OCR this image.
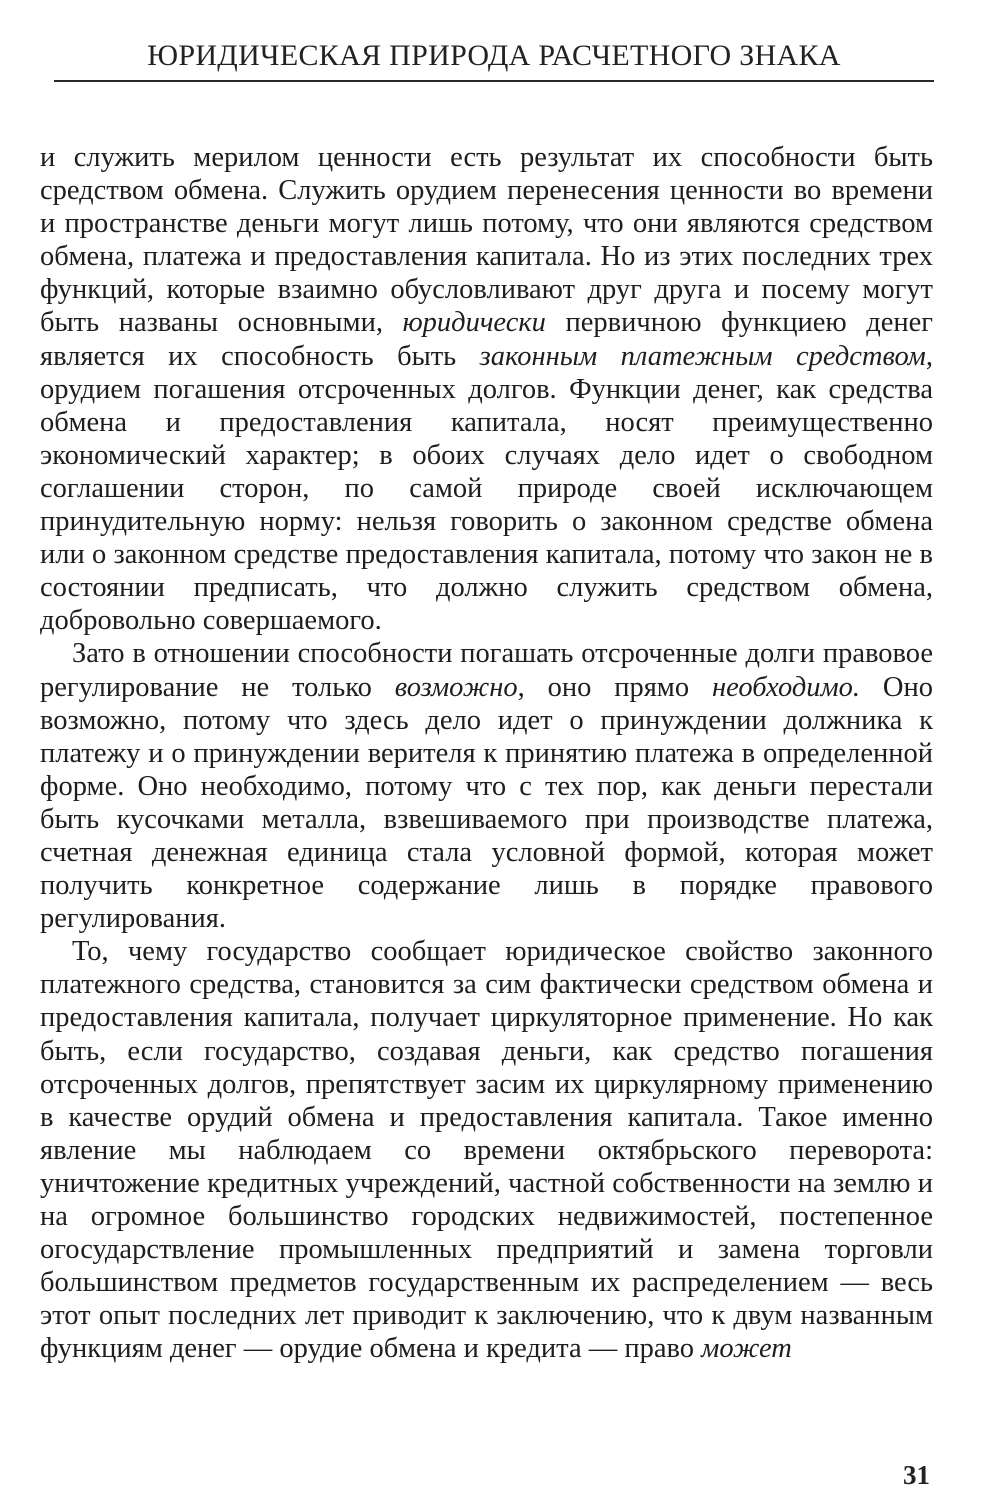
ЮРИДИЧЕСКАЯ ПРИРОДА РАСЧЕТНОГО ЗНАКА

и служить мерилом ценности есть результат их способности быть средством обмена. Служить орудием перенесения ценности во времени и пространстве деньги могут лишь потому, что они являются средством обмена, платежа и предоставления капитала. Но из этих последних трех функций, которые взаимно обусловливают друг друга и посему могут быть названы основными, юридически первичною функциею денег является их способность быть законным платежным средством, орудием погашения отсроченных долгов. Функции денег, как средства обмена и предоставления капитала, носят преимущественно экономический характер; в обоих случаях дело идет о свободном соглашении сторон, по самой природе своей исключающем принудительную норму: нельзя говорить о законном средстве обмена или о законном средстве предоставления капитала, потому что закон не в состоянии предписать, что должно служить средством обмена, добровольно совершаемого.

Зато в отношении способности погашать отсроченные долги правовое регулирование не только возможно, оно прямо необходимо. Оно возможно, потому что здесь дело идет о принуждении должника к платежу и о принуждении верителя к принятию платежа в определенной форме. Оно необходимо, потому что с тех пор, как деньги перестали быть кусочками металла, взвешиваемого при производстве платежа, счетная денежная единица стала условной формой, которая может получить конкретное содержание лишь в порядке правового регулирования.

То, чему государство сообщает юридическое свойство законного платежного средства, становится за сим фактически средством обмена и предоставления капитала, получает циркуляторное применение. Но как быть, если государство, создавая деньги, как средство погашения отсроченных долгов, препятствует засим их циркулярному применению в качестве орудий обмена и предоставления капитала. Такое именно явление мы наблюдаем со времени октябрьского переворота: уничтожение кредитных учреждений, частной собственности на землю и на огромное большинство городских недвижимостей, постепенное огосударствление промышленных предприятий и замена торговли большинством предметов государственным их распределением — весь этот опыт последних лет приводит к заключению, что к двум названным функциям денег — орудие обмена и кредита — право может

31
